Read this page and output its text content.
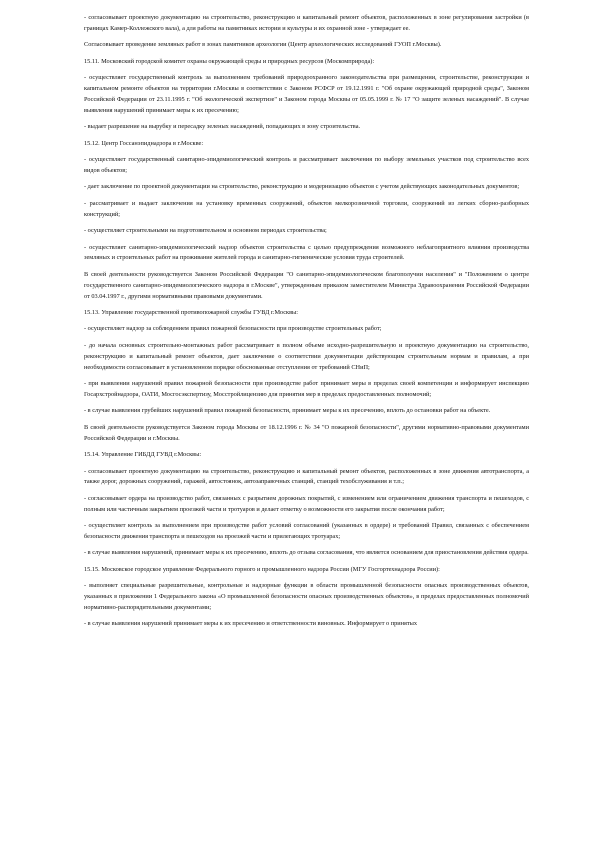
- согласовывает проектную документацию на строительство, реконструкцию и капитальный ремонт объектов, расположенных в зоне регулирования застройки (в границах Камер-Коллежского вала), а для работы на памятниках истории и культуры и их охранной зоне - утверждает ее.

Согласовывает проведение земляных работ в зонах памятников археологии (Центр археологических исследований ГУОП г.Москвы).

15.11. Московский городской комитет охраны окружающей среды и природных ресурсов (Москомприрода):

- осуществляет государственный контроль за выполнением требований природоохранного законодательства при размещении, строительстве, реконструкции и капитальном ремонте объектов на территории г.Москвы в соответствии с Законом РСФСР от 19.12.1991 г. "Об охране окружающей природной среды", Законом Российской Федерации от 23.11.1995 г. "Об экологической экспертизе" и Законом города Москвы от 05.05.1999 г. № 17 "О защите зеленых насаждений". В случае выявления нарушений принимает меры к их пресечению;

- выдает разрешение на вырубку и пересадку зеленых насаждений, попадающих в зону строительства.

15.12. Центр Госсанэпиднадзора в г.Москве:

- осуществляет государственный санитарно-эпидемиологический контроль и рассматривает заключения по выбору земельных участков под строительство всех видов объектов;

- дает заключение по проектной документации на строительство, реконструкцию и модернизацию объектов с учетом действующих законодательных документов;

- рассматривает и выдает заключения на установку временных сооружений, объектов мелкорозничной торговли, сооружений из легких сборно-разборных конструкций;

- осуществляет строительными на подготовительном и основном периодах строительства;

- осуществляет санитарно-эпидемиологический надзор объектов строительства с целью предупреждения возможного неблагоприятного влияния производства земляных и строительных работ на проживание жителей города и санитарно-гигиенические условия труда строителей.

В своей деятельности руководствуется Законом Российской Федерации "О санитарно-эпидемиологическом благополучии населения" и "Положением о центре государственного санитарно-эпидемиологического надзора в г.Москве", утвержденным приказом заместителем Министра Здравоохранения Российской Федерации от 03.04.1997 г., другими нормативными правовыми документами.

15.13. Управление государственной противопожарной службы ГУВД г.Москвы:

- осуществляет надзор за соблюдением правил пожарной безопасности при производстве строительных работ;

- до начала основных строительно-монтажных работ рассматривает в полном объеме исходно-разрешительную и проектную документацию на строительство, реконструкцию и капитальный ремонт объектов, дает заключение о соответствии документации действующим строительным нормам и правилам, а при необходимости согласовывает в установленном порядке обоснованные отступления от требований СНиП;

- при выявлении нарушений правил пожарной безопасности при производстве работ принимает меры в пределах своей компетенции и информирует инспекцию Госархстройнадзора, ОАТИ, Мосгосэкспертизу, Мосстройлицензию для принятия мер в пределах предоставленных полномочий;

- в случае выявления грубейших нарушений правил пожарной безопасности, принимает меры к их пресечению, вплоть до остановки работ на объекте.

В своей деятельности руководствуется Законом города Москвы от 18.12.1996 г. № 34 "О пожарной безопасности", другими нормативно-правовыми документами Российской Федерации и г.Москвы.

15.14. Управление ГИБДД ГУВД г.Москвы:

- согласовывает проектную документацию на строительство, реконструкцию и капитальный ремонт объектов, расположенных в зоне движения автотранспорта, а также дорог, дорожных сооружений, гаражей, автостоянок, автозаправочных станций, станций техобслуживания и т.п.;

- согласовывает ордера на производство работ, связанных с разрытием дорожных покрытий, с изменением или ограничением движения транспорта и пешеходов, с полным или частичным закрытием проезжей части и тротуаров и делает отметку о возможности его закрытия после окончания работ;

- осуществляет контроль за выполнением при производстве работ условий согласований (указанных в ордере) и требований Правил, связанных с обеспечением безопасности движения транспорта и пешеходов на проезжей части и прилегающих тротуарах;

- в случае выявления нарушений, принимает меры к их пресечению, вплоть до отзыва согласования, что является основанием для приостановления действия ордера.

15.15. Московское городское управление Федерального горного и промышленного надзора России (МГУ Госгортехнадзора России):

- выполняет специальные разрешительные, контрольные и надзорные функции в области промышленной безопасности опасных производственных объектов, указанных в приложении 1 Федерального закона «О промышленной безопасности опасных производственных объектов», в пределах предоставленных полномочий нормативно-распорядительными документами;

- в случае выявления нарушений принимает меры к их пресечению и ответственности виновных. Информирует о принятых
